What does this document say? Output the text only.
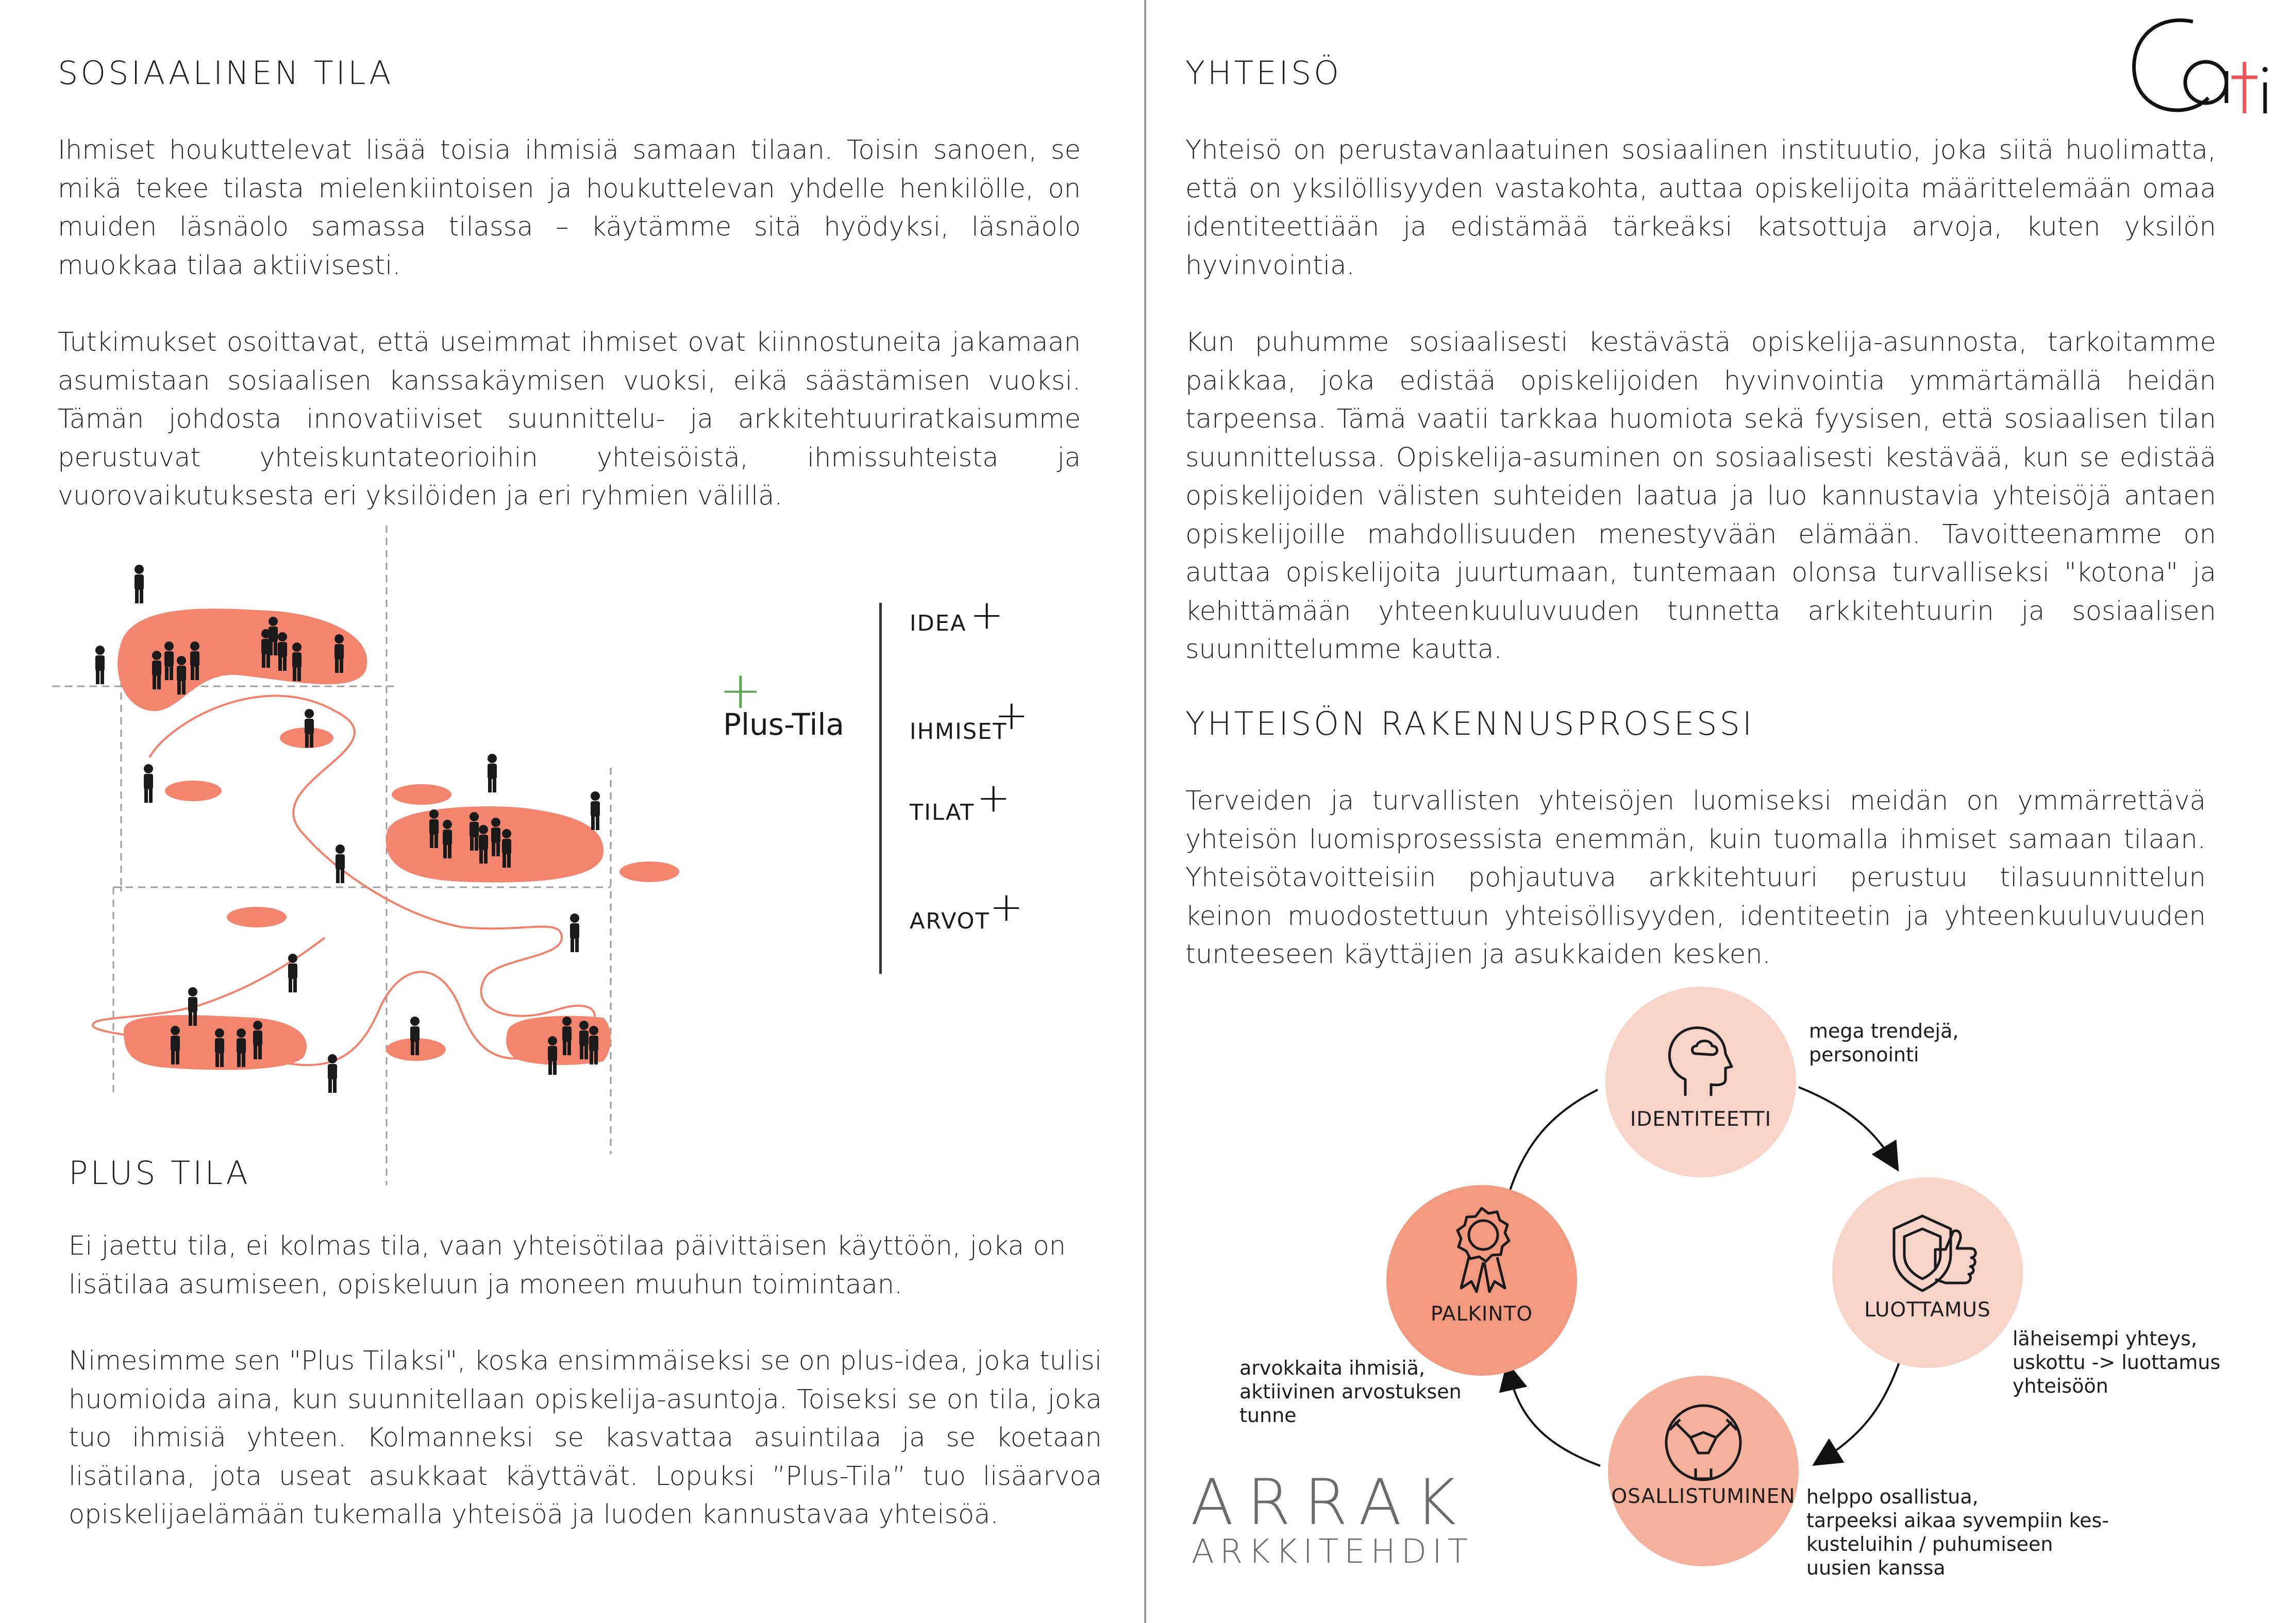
SOSIAALINEN TILA
Ihmiset houkuttelevat lisää toisia ihmisiä samaan tilaan. Toisin sanoen, se mikä tekee tilasta mielenkiintoisen ja houkuttelevan yhdelle henkilölle, on muiden läsnäolo samassa tilassa – käytämme sitä hyödyksi, läsnäolo muokkaa tilaa aktiivisesti.
Tutkimukset osoittavat, että useimmat ihmiset ovat kiinnostuneita jakamaan asumistaan sosiaalisen kanssakäymisen vuoksi, eikä säästämisen vuoksi. Tämän johdosta innovatiiviset suunnittelu- ja arkkitehtuuriratkaisumme perustuvat yhteiskuntateorioihin yhteisöistä, ihmissuhteista ja vuorovaikutuksesta eri yksilöiden ja eri ryhmien välillä.
+
Plus-Tila
IDEA +
IHMISET
+
TILAT +
ARVOT +
PLUS TILA
Ei jaettu tila, ei kolmas tila, vaan yhteisötilaa päivittäisen käyttöön, joka on lisätilaa asumiseen, opiskeluun ja moneen muuhun toimintaan.
Nimesimme sen "Plus Tilaksi", koska ensimmäiseksi se on plus-idea, joka tulisi huomioida aina, kun suunnitellaan opiskelija-asuntoja. Toiseksi se on tila, joka tuo ihmisiä yhteen. Kolmanneksi se kasvattaa asuintilaa ja se koetaan lisätilana, jota useat asukkaat käyttävät. Lopuksi ”Plus-Tila” tuo lisäarvoa opiskelijaelämään tukemalla yhteisöä ja luoden kannustavaa yhteisöä.
YHTEISÖ
Yhteisö on perustavanlaatuinen sosiaalinen instituutio, joka siitä huolimatta, että on yksilöllisyyden vastakohta, auttaa opiskelijoita määrittelemään omaa identiteettiään ja edistämää tärkeäksi katsottuja arvoja, kuten yksilön hyvinvointia.
Kun puhumme sosiaalisesti kestävästä opiskelija-asunnosta, tarkoitamme paikkaa, joka edistää opiskelijoiden hyvinvointia ymmärtämällä heidän tarpeensa. Tämä vaatii tarkkaa huomiota sekä fyysisen, että sosiaalisen tilan suunnittelussa. Opiskelija-asuminen on sosiaalisesti kestävää, kun se edistää opiskelijoiden välisten suhteiden laatua ja luo kannustavia yhteisöjä antaen opiskelijoille mahdollisuuden menestyvään elämään. Tavoitteenamme on auttaa opiskelijoita juurtumaan, tuntemaan olonsa turvalliseksi "kotona" ja kehittämään yhteenkuuluvuuden tunnetta arkkitehtuurin ja sosiaalisen suunnittelumme kautta.
YHTEISÖN RAKENNUSPROSESSI
Terveiden ja turvallisten yhteisöjen luomiseksi meidän on ymmärrettävä yhteisön luomisprosessista enemmän, kuin tuomalla ihmiset samaan tilaan. Yhteisötavoitteisiin pohjautuva arkkitehtuuri perustuu tilasuunnittelun keinon muodostettuun yhteisöllisyyden, identiteetin ja yhteenkuuluvuuden tunteeseen käyttäjien ja asukkaiden kesken.
IDENTITEETTI
LUOTTAMUS
OSALLISTUMINEN
PALKINTO
mega trendejä,
personointi
läheisempi yhteys,
uskottu -> luottamus
yhteisöön
helppo osallistua,
tarpeeksi aikaa syvempiin kes-
kusteluihin / puhumiseen
uusien kanssa
arvokkaita ihmisiä,
aktiivinen arvostuksen
tunne
ARRAK
ARKKITEHDIT
